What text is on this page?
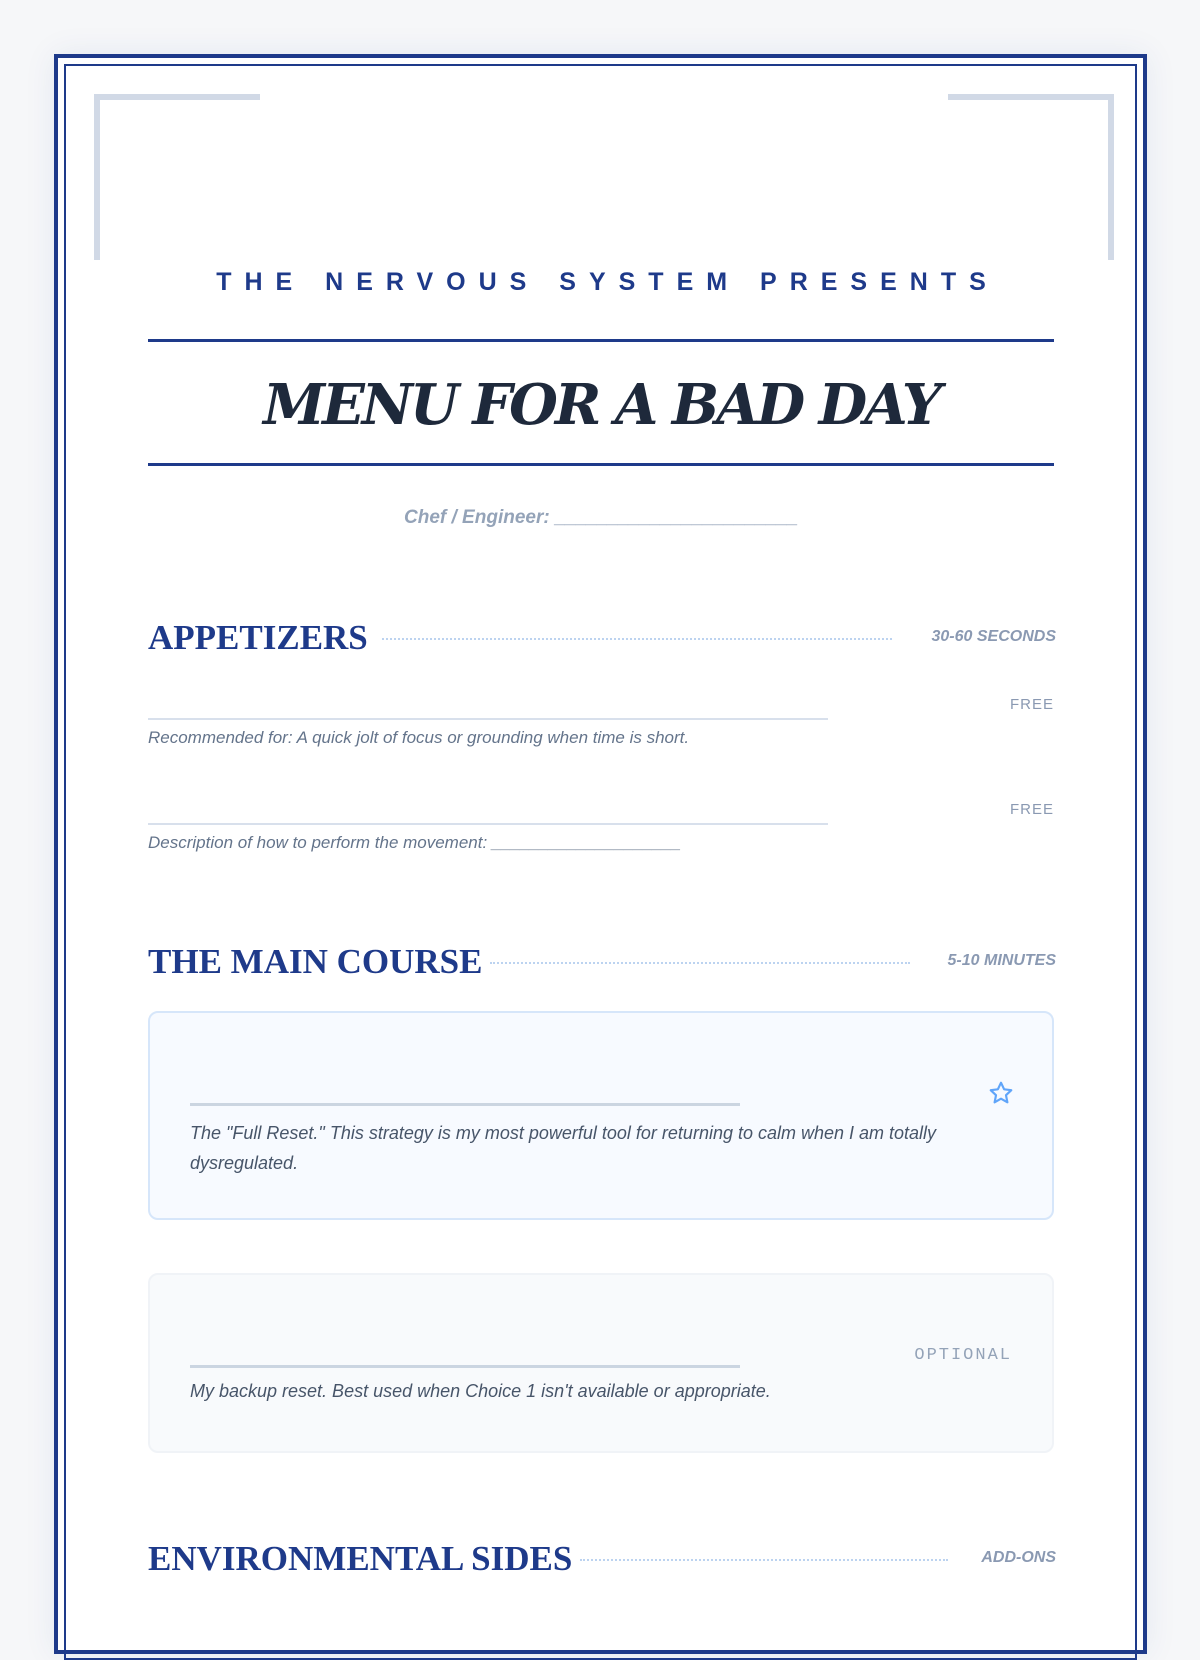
THE NERVOUS SYSTEM PRESENTS
MENU FOR A BAD DAY
Chef / Engineer: _______________________
APPETIZERS	30-60 SECONDS
FREE
Recommended for: A quick jolt of focus or grounding when time is short.
FREE
Description of how to perform the movement: ____________________
THE MAIN COURSE	5-10 MINUTES
The "Full Reset." This strategy is my most powerful tool for returning to calm when I am totally dysregulated.
OPTIONAL
My backup reset. Best used when Choice 1 isn't available or appropriate.
ENVIRONMENTAL SIDES	ADD-ONS
